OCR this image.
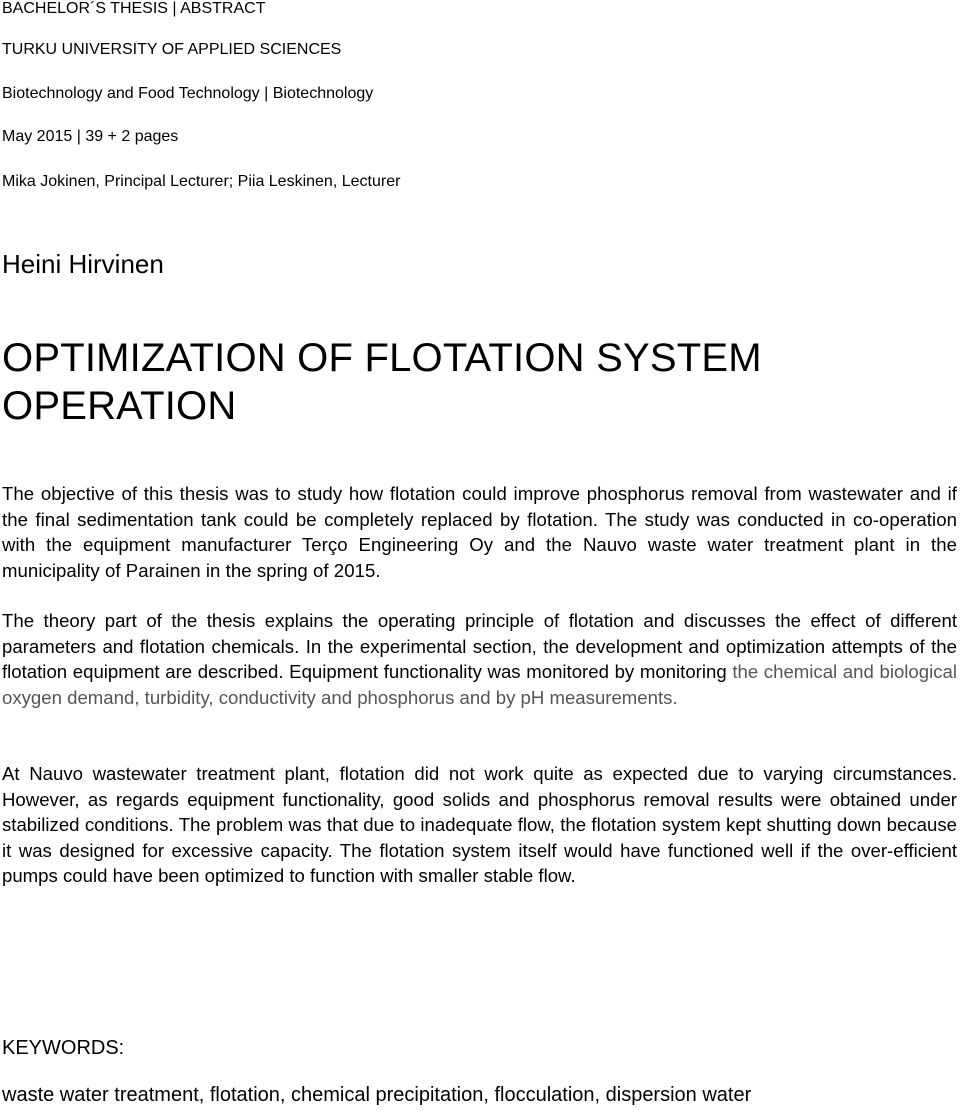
BACHELOR´S THESIS | ABSTRACT
TURKU UNIVERSITY OF APPLIED SCIENCES
Biotechnology and Food Technology | Biotechnology
May 2015 | 39 + 2 pages
Mika Jokinen, Principal Lecturer; Piia Leskinen, Lecturer
Heini Hirvinen
OPTIMIZATION OF FLOTATION SYSTEM
OPERATION

The objective of this thesis was to study how flotation could improve phosphorus removal from wastewater and if the final sedimentation tank could be completely replaced by flotation. The study was conducted in co-operation with the equipment manufacturer Terço Engineering Oy and the Nauvo waste water treatment plant in the municipality of Parainen in the spring of 2015.

The theory part of the thesis explains the operating principle of flotation and discusses the effect of different parameters and flotation chemicals. In the experimental section, the development and optimization attempts of the flotation equipment are described. Equipment functionality was monitored by monitoring the chemical and biological oxygen demand, turbidity, conductivity and phosphorus and by pH measurements.

At Nauvo wastewater treatment plant, flotation did not work quite as expected due to varying circumstances. However, as regards equipment functionality, good solids and phosphorus removal results were obtained under stabilized conditions. The problem was that due to inadequate flow, the flotation system kept shutting down because it was designed for excessive capacity. The flotation system itself would have functioned well if the over-efficient pumps could have been optimized to function with smaller stable flow.

KEYWORDS:
waste water treatment, flotation, chemical precipitation, flocculation, dispersion water
